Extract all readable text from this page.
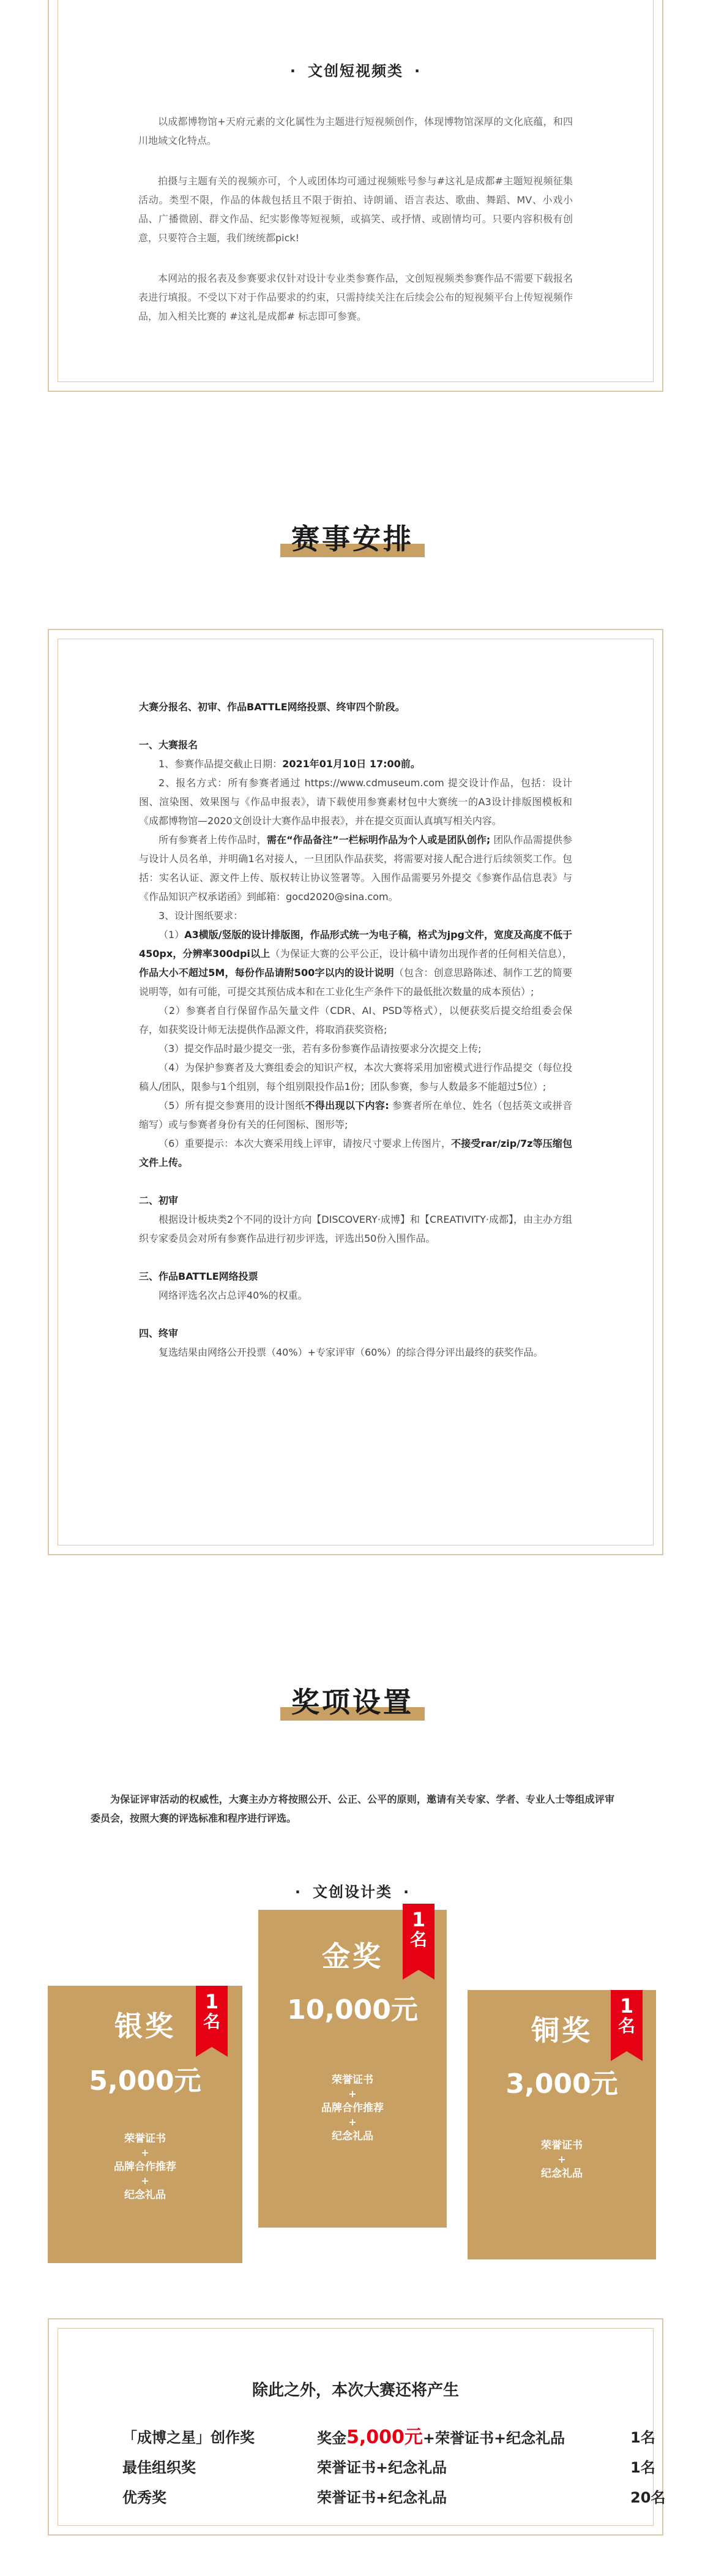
· 文创短视频类 ·

以成都博物馆+天府元素的文化属性为主题进行短视频创作，体现博物馆深厚的文化底蕴，和四川地域文化特点。

拍摄与主题有关的视频亦可，个人或团体均可通过视频账号参与#这礼是成都#主题短视频征集活动。类型不限，作品的体裁包括且不限于街拍、诗朗诵、语言表达、歌曲、舞蹈、MV、小戏小品、广播微剧、群文作品、纪实影像等短视频，或搞笑、或抒情、或剧情均可。只要内容积极有创意，只要符合主题，我们统统都pick!

本网站的报名表及参赛要求仅针对设计专业类参赛作品，文创短视频类参赛作品不需要下载报名表进行填报。不受以下对于作品要求的约束，只需持续关注在后续会公布的短视频平台上传短视频作品，加入相关比赛的 #这礼是成都# 标志即可参赛。

赛事安排
大赛分报名、初审、作品BATTLE网络投票、终审四个阶段。
一、大赛报名
1、参赛作品提交截止日期：2021年01月10日 17:00前。
2、报名方式：所有参赛者通过 https://www.cdmuseum.com 提交设计作品，包括：设计图、渲染图、效果图与《作品申报表》，请下载使用参赛素材包中大赛统一的A3设计排版图模板和《成都博物馆—2020文创设计大赛作品申报表》，并在提交页面认真填写相关内容。
所有参赛者上传作品时，需在“作品备注”一栏标明作品为个人或是团队创作; 团队作品需提供参与设计人员名单，并明确1名对接人，一旦团队作品获奖，将需要对接人配合进行后续领奖工作。包括：实名认证、源文件上传、版权转让协议签署等。入围作品需要另外提交《参赛作品信息表》与《作品知识产权承诺函》到邮箱：gocd2020@sina.com。
3、设计图纸要求：
（1）A3横版/竖版的设计排版图，作品形式统一为电子稿，格式为jpg文件，宽度及高度不低于450px，分辨率300dpi以上（为保证大赛的公平公正，设计稿中请勿出现作者的任何相关信息），作品大小不超过5M，每份作品请附500字以内的设计说明（包含：创意思路陈述、制作工艺的简要说明等，如有可能，可提交其预估成本和在工业化生产条件下的最低批次数量的成本预估）;
（2）参赛者自行保留作品矢量文件（CDR、AI、PSD等格式），以便获奖后提交给组委会保存，如获奖设计师无法提供作品源文件，将取消获奖资格;
（3）提交作品时最少提交一张，若有多份参赛作品请按要求分次提交上传;
（4）为保护参赛者及大赛组委会的知识产权，本次大赛将采用加密模式进行作品提交（每位投稿人/团队，限参与1个组别，每个组别限投作品1份；团队参赛，参与人数最多不能超过5位）;
（5）所有提交参赛用的设计图纸不得出现以下内容: 参赛者所在单位、姓名（包括英文或拼音缩写）或与参赛者身份有关的任何图标、图形等;
（6）重要提示：本次大赛采用线上评审，请按尺寸要求上传图片，不接受rar/zip/7z等压缩包文件上传。
二、初审
根据设计板块类2个不同的设计方向【DISCOVERY·成博】和【CREATIVITY·成都】，由主办方组织专家委员会对所有参赛作品进行初步评选，评选出50份入围作品。
三、作品BATTLE网络投票
网络评选名次占总评40%的权重。
四、终审
复选结果由网络公开投票（40%）+专家评审（60%）的综合得分评出最终的获奖作品。
奖项设置
为保证评审活动的权威性，大赛主办方将按照公开、公正、公平的原则，邀请有关专家、学者、专业人士等组成评审委员会，按照大赛的评选标准和程序进行评选。
· 文创设计类 ·
银奖
5,000元
荣誉证书
+
品牌合作推荐
+
纪念礼品
1
名
金奖
10,000元
荣誉证书
+
品牌合作推荐
+
纪念礼品
1
名
铜奖
3,000元
荣誉证书
+
纪念礼品
1
名
除此之外，本次大赛还将产生
「成博之星」创作奖	奖金5,000元+荣誉证书+纪念礼品	1名
最佳组织奖	荣誉证书+纪念礼品	1名
优秀奖	荣誉证书+纪念礼品	20名
